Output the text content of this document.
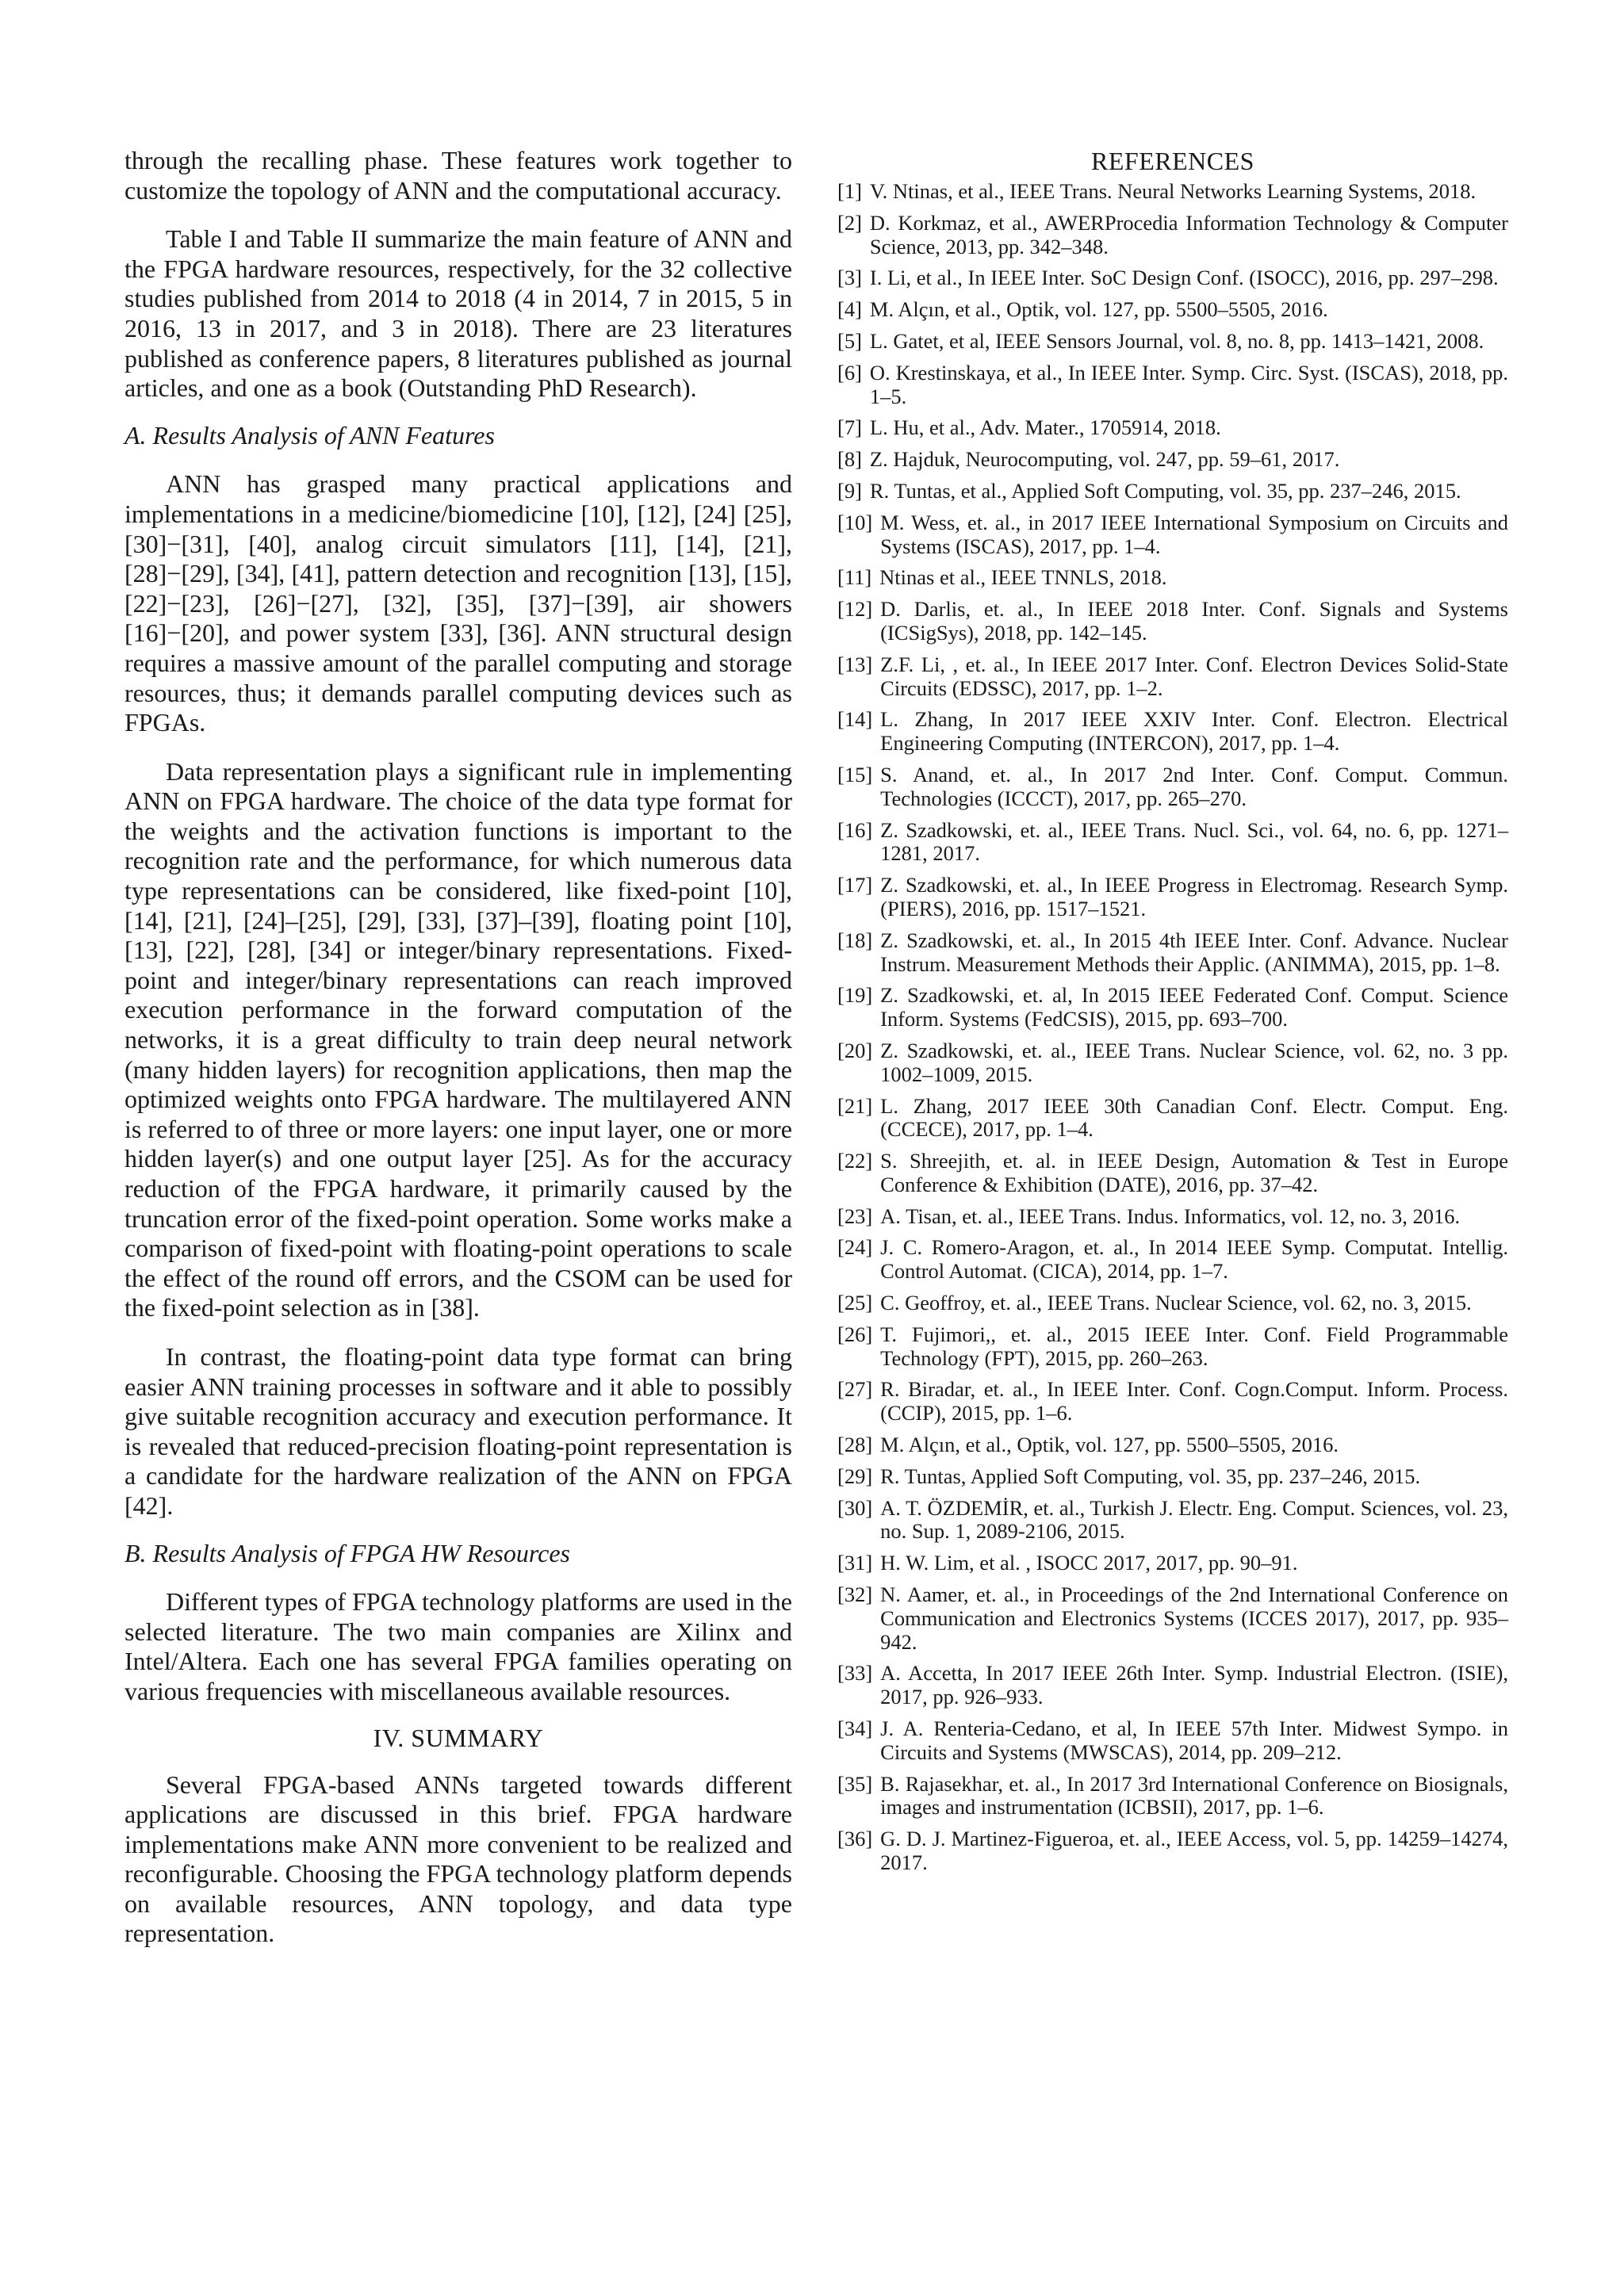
through the recalling phase. These features work together to customize the topology of ANN and the computational accuracy.

Table I and Table II summarize the main feature of ANN and the FPGA hardware resources, respectively, for the 32 collective studies published from 2014 to 2018 (4 in 2014, 7 in 2015, 5 in 2016, 13 in 2017, and 3 in 2018). There are 23 literatures published as conference papers, 8 literatures published as journal articles, and one as a book (Outstanding PhD Research).

A. Results Analysis of ANN Features

ANN has grasped many practical applications and implementations in a medicine/biomedicine [10], [12], [24] [25], [30]−[31], [40], analog circuit simulators [11], [14], [21], [28]−[29], [34], [41], pattern detection and recognition [13], [15], [22]−[23], [26]−[27], [32], [35], [37]−[39], air showers [16]−[20], and power system [33], [36]. ANN structural design requires a massive amount of the parallel computing and storage resources, thus; it demands parallel computing devices such as FPGAs.

Data representation plays a significant rule in implementing ANN on FPGA hardware. The choice of the data type format for the weights and the activation functions is important to the recognition rate and the performance, for which numerous data type representations can be considered, like fixed-point [10], [14], [21], [24]–[25], [29], [33], [37]–[39], floating point [10], [13], [22], [28], [34] or integer/binary representations. Fixed-point and integer/binary representations can reach improved execution performance in the forward computation of the networks, it is a great difficulty to train deep neural network (many hidden layers) for recognition applications, then map the optimized weights onto FPGA hardware. The multilayered ANN is referred to of three or more layers: one input layer, one or more hidden layer(s) and one output layer [25]. As for the accuracy reduction of the FPGA hardware, it primarily caused by the truncation error of the fixed-point operation. Some works make a comparison of fixed-point with floating-point operations to scale the effect of the round off errors, and the CSOM can be used for the fixed-point selection as in [38].

In contrast, the floating-point data type format can bring easier ANN training processes in software and it able to possibly give suitable recognition accuracy and execution performance. It is revealed that reduced-precision floating-point representation is a candidate for the hardware realization of the ANN on FPGA [42].

B. Results Analysis of FPGA HW Resources

Different types of FPGA technology platforms are used in the selected literature. The two main companies are Xilinx and Intel/Altera. Each one has several FPGA families operating on various frequencies with miscellaneous available resources.

IV. SUMMARY

Several FPGA-based ANNs targeted towards different applications are discussed in this brief. FPGA hardware implementations make ANN more convenient to be realized and reconfigurable. Choosing the FPGA technology platform depends on available resources, ANN topology, and data type representation.

REFERENCES
[1] V. Ntinas, et al., IEEE Trans. Neural Networks Learning Systems, 2018.
[2] D. Korkmaz, et al., AWERProcedia Information Technology & Computer Science, 2013, pp. 342–348.
[3] I. Li, et al., In IEEE Inter. SoC Design Conf. (ISOCC), 2016, pp. 297–298.
[4] M. Alçın, et al., Optik, vol. 127, pp. 5500–5505, 2016.
[5] L. Gatet, et al, IEEE Sensors Journal, vol. 8, no. 8, pp. 1413–1421, 2008.
[6] O. Krestinskaya, et al., In IEEE Inter. Symp. Circ. Syst. (ISCAS), 2018, pp. 1–5.
[7] L. Hu, et al., Adv. Mater., 1705914, 2018.
[8] Z. Hajduk, Neurocomputing, vol. 247, pp. 59–61, 2017.
[9] R. Tuntas, et al., Applied Soft Computing, vol. 35, pp. 237–246, 2015.
[10] M. Wess, et. al., in 2017 IEEE International Symposium on Circuits and Systems (ISCAS), 2017, pp. 1–4.
[11] Ntinas et al., IEEE TNNLS, 2018.
[12] D. Darlis, et. al., In IEEE 2018 Inter. Conf. Signals and Systems (ICSigSys), 2018, pp. 142–145.
[13] Z.F. Li, , et. al., In IEEE 2017 Inter. Conf. Electron Devices Solid-State Circuits (EDSSC), 2017, pp. 1–2.
[14] L. Zhang, In 2017 IEEE XXIV Inter. Conf. Electron. Electrical Engineering Computing (INTERCON), 2017, pp. 1–4.
[15] S. Anand, et. al., In 2017 2nd Inter. Conf. Comput. Commun. Technologies (ICCCT), 2017, pp. 265–270.
[16] Z. Szadkowski, et. al., IEEE Trans. Nucl. Sci., vol. 64, no. 6, pp. 1271–1281, 2017.
[17] Z. Szadkowski, et. al., In IEEE Progress in Electromag. Research Symp. (PIERS), 2016, pp. 1517–1521.
[18] Z. Szadkowski, et. al., In 2015 4th IEEE Inter. Conf. Advance. Nuclear Instrum. Measurement Methods their Applic. (ANIMMA), 2015, pp. 1–8.
[19] Z. Szadkowski, et. al, In 2015 IEEE Federated Conf. Comput. Science Inform. Systems (FedCSIS), 2015, pp. 693–700.
[20] Z. Szadkowski, et. al., IEEE Trans. Nuclear Science, vol. 62, no. 3 pp. 1002–1009, 2015.
[21] L. Zhang, 2017 IEEE 30th Canadian Conf. Electr. Comput. Eng. (CCECE), 2017, pp. 1–4.
[22] S. Shreejith, et. al. in IEEE Design, Automation & Test in Europe Conference & Exhibition (DATE), 2016, pp. 37–42.
[23] A. Tisan, et. al., IEEE Trans. Indus. Informatics, vol. 12, no. 3, 2016.
[24] J. C. Romero-Aragon, et. al., In 2014 IEEE Symp. Computat. Intellig. Control Automat. (CICA), 2014, pp. 1–7.
[25] C. Geoffroy, et. al., IEEE Trans. Nuclear Science, vol. 62, no. 3, 2015.
[26] T. Fujimori,, et. al., 2015 IEEE Inter. Conf. Field Programmable Technology (FPT), 2015, pp. 260–263.
[27] R. Biradar, et. al., In IEEE Inter. Conf. Cogn.Comput. Inform. Process. (CCIP), 2015, pp. 1–6.
[28] M. Alçın, et al., Optik, vol. 127, pp. 5500–5505, 2016.
[29] R. Tuntas, Applied Soft Computing, vol. 35, pp. 237–246, 2015.
[30] A. T. ÖZDEMİR, et. al., Turkish J. Electr. Eng. Comput. Sciences, vol. 23, no. Sup. 1, 2089-2106, 2015.
[31] H. W. Lim, et al. , ISOCC 2017, 2017, pp. 90–91.
[32] N. Aamer, et. al., in Proceedings of the 2nd International Conference on Communication and Electronics Systems (ICCES 2017), 2017, pp. 935–942.
[33] A. Accetta, In 2017 IEEE 26th Inter. Symp. Industrial Electron. (ISIE), 2017, pp. 926–933.
[34] J. A. Renteria-Cedano, et al, In IEEE 57th Inter. Midwest Sympo. in Circuits and Systems (MWSCAS), 2014, pp. 209–212.
[35] B. Rajasekhar, et. al., In 2017 3rd International Conference on Biosignals, images and instrumentation (ICBSII), 2017, pp. 1–6.
[36] G. D. J. Martinez-Figueroa, et. al., IEEE Access, vol. 5, pp. 14259–14274, 2017.
